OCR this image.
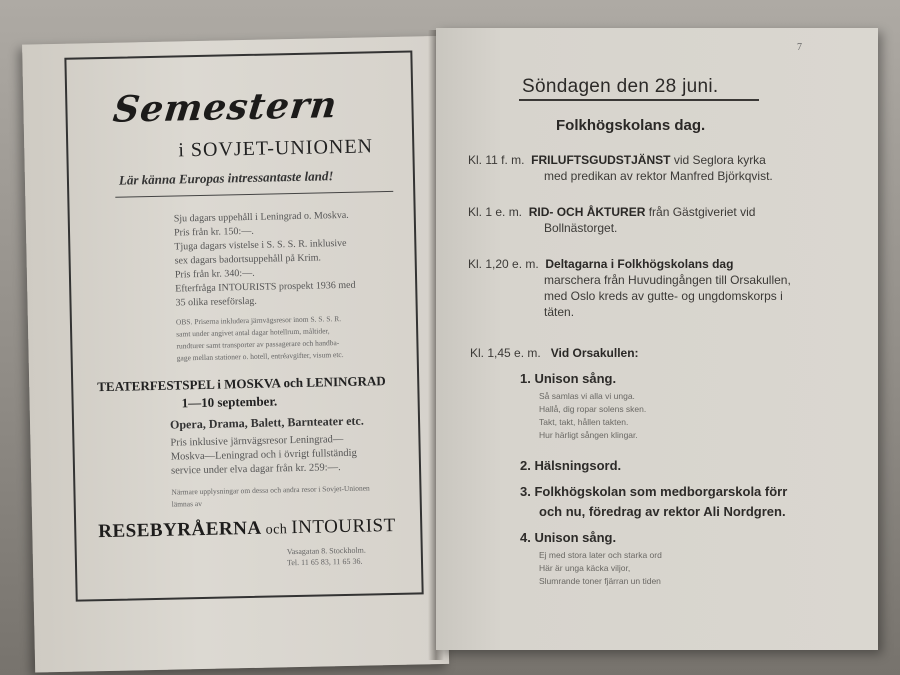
Semestern
i SOVJET-UNIONEN
Lär känna Europas intressantaste land!
Sju dagars uppehåll i Leningrad o. Moskva.
Pris från kr. 150:—.
Tjuga dagars vistelse i S. S. S. R. inklusive
sex dagars badortsuppehåll på Krim.
Pris från kr. 340:—.
Efterfråga INTOURISTS prospekt 1936 med
35 olika reseförslag.
OBS. Priserna inkludera järnvägsresor inom S. S. S. R.
samt under angivet antal dagar hotellrum, måltider,
rundturer samt transporter av passagerare och handba-
gage mellan stationer o. hotell, entréavgifter, visum etc.
TEATERFESTSPEL i MOSKVA och LENINGRAD
1—10 september.
Opera, Drama, Balett, Barnteater etc.
Pris inklusive järnvägsresor Leningrad—
Moskva—Leningrad och i övrigt fullständig
service under elva dagar från kr. 259:—.
Närmare upplysningar om dessa och andra resor i Sovjet-Unionen
lämnas av
RESEBYRÅERNA och INTOURIST
Vasagatan 8. Stockholm.
Tel. 11 65 83, 11 65 36.
7
Söndagen den 28 juni.
Folkhögskolans dag.
Kl. 11 f. m. FRILUFTSGUDSTJÄNST vid Seglora kyrka
med predikan av rektor Manfred Björkqvist.
Kl. 1 e. m. RID- OCH ÅKTURER från Gästgiveriet vid
Bollnästorget.
Kl. 1,20 e. m. Deltagarna i Folkhögskolans dag
marschera från Huvudingången till Orsakullen,
med Oslo kreds av gutte- og ungdomskorps i
täten.
Kl. 1,45 e. m. Vid Orsakullen:
1. Unison sång.
Så samlas vi alla vi unga.
Hallå, dig ropar solens sken.
Takt, takt, hållen takten.
Hur härligt sången klingar.
2. Hälsningsord.
3. Folkhögskolan som medborgarskola förr
och nu, föredrag av rektor Ali Nordgren.
4. Unison sång.
Ej med stora later och starka ord
Här är unga käcka viljor,
Slumrande toner fjärran un tiden
